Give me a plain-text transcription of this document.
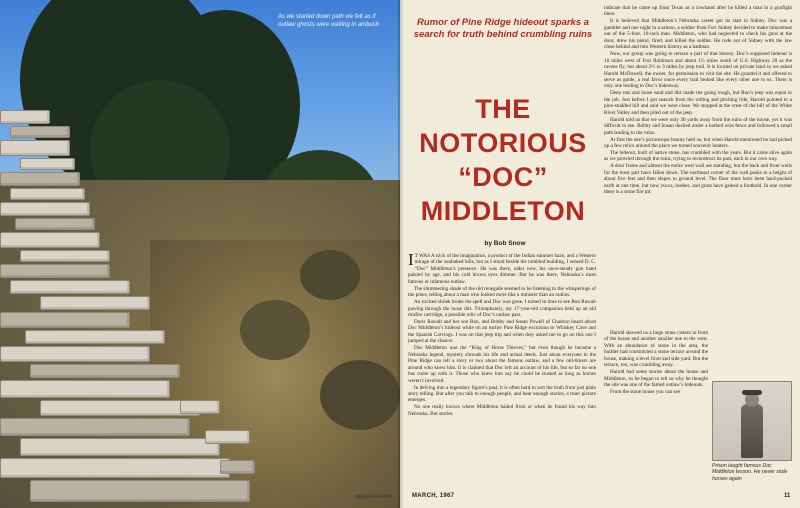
As we started down path we felt as if outlaw ghosts were waiting in ambush
NEBRASKAland
Rumor of Pine Ridge hideout sparks a search for truth behind crumbling ruins
THE
NOTORIOUS
“DOC”
MIDDLETON
by Bob Snow

I T WAS A trick of the imagination, a product of the Indian summer haze, and a Western mirage of the sunbaked hills, but as I stood beside the tumbled building, I sensed D. C. “Doc” Middleton’s presence. He was there, older now, his once-steady gun hand palsied by age, and his cold brown eyes dimmer. But he was there, Nebraska’s most famous or infamous outlaw.

The shimmering shade of the old renegade seemed to be listening to the whisperings of the pines, telling about a man who looked more like a minister than an outlaw.

An excited shriek broke the spell and Doc was gone. I turned in time to see Ron Rawalt pawing through the loose dirt. Triumphantly, my 17-year-old companion held up an old rimfire cartridge, a possible relic of Doc’s outlaw past.

Doris Rawalt and her son Ron, and Bobby and Susan Powell of Chadron heard about Doc Middleton’s hideout while on an earlier Pine Ridge excursion to Whiskey Cave and the Spanish Carvings. I was on that jeep trip and when they asked me to go on this one I jumped at the chance.

Doc Middleton was the “King of Horse Thieves,” but even though he became a Nebraska legend, mystery shrouds his life and actual deeds. Just about everyone in the Pine Ridge can tell a story or two about the famous outlaw, and a few old-timers are around who knew him. It is claimed that Doc left an account of his life, but so far no one has come up with it. Those who knew him say he could be trusted as long as horses weren’t involved.

In delving into a legendary figure’s past, it is often hard to sort the truth from just plain story telling. But after you talk to enough people, and hear enough stories, a truer picture emerges.

No one really knows where Middleton hailed from or when he found his way into Nebraska. But stories

indicate that he came up from Texas as a cowhand after he killed a man in a gunfight there.

It is believed that Middleton’s Nebraska career got its start in Sidney. Doc was a gambler and one night in a saloon, a soldier from Fort Sidney decided to make mincemeat out of the 5-foot, 10-inch man. Middleton, who had neglected to check his guns at the door, drew his pistol, fired, and killed the soldier. He rode out of Sidney with the law close behind and into Western history as a badman.

Now, our group was going to retrace a part of that history. Doc’s supposed hideout is 10 miles west of Fort Robinson and about 1½ miles south of U.S. Highway 20 as the ravens fly, but about 2½ to 3 miles by jeep trail. It is located on private land so we asked Harold McDowell, the owner, for permission to visit the site. He granted it and offered to serve as guide, a real favor since every trail looked like every other one to us. There is only one leading to Doc’s hideaway.

Deep ruts and loose sand and dirt made the going rough, but Ron’s jeep was equal to the job. Just before I got seasick from the rolling and pitching ride, Harold pointed to a pine-studded hill and said we were close. We stopped at the crest of the hill of the White River Valley and then piled out of the jeep.

Harold told us that we were only 30 yards away from the ruins of the house, yet it was difficult to see. Bobby and Susan ducked under a barbed wire fence and followed a small path leading to the ruins.

At first the site’s picturesque beauty held us, but when Harold mentioned he had picked up a few relics around the place we turned souvenir hunters.

The hideout, built of native stone, has crumbled with the years. But it came alive again as we prowled through the ruins, trying to reconstruct its past, each in our own way.

A door frame and almost the entire west wall are standing, but the back and front walls for the most part have fallen down. The northeast corner of the wall peaks to a height of about five feet and then slopes to ground level. The floor must have been hard-packed earth at one time, but now yucca, bushes, and grass have gained a foothold. In one corner there is a stone fire pit.

Harold showed us a large stone cistern in front of the house and another smaller one to the west. With an abundance of stone in the area, the builder had constructed a stone terrace around the house, making a level front and side yard. But the terrace, too, was crumbling away.

Harold had some stories about the house and Middleton, so he began to tell us why he thought the site was one of the famed outlaw’s hideouts.

From the stone house you can see

Prison taught famous Doc Middleton lesson. He never stole horses again
MARCH, 1967	11
